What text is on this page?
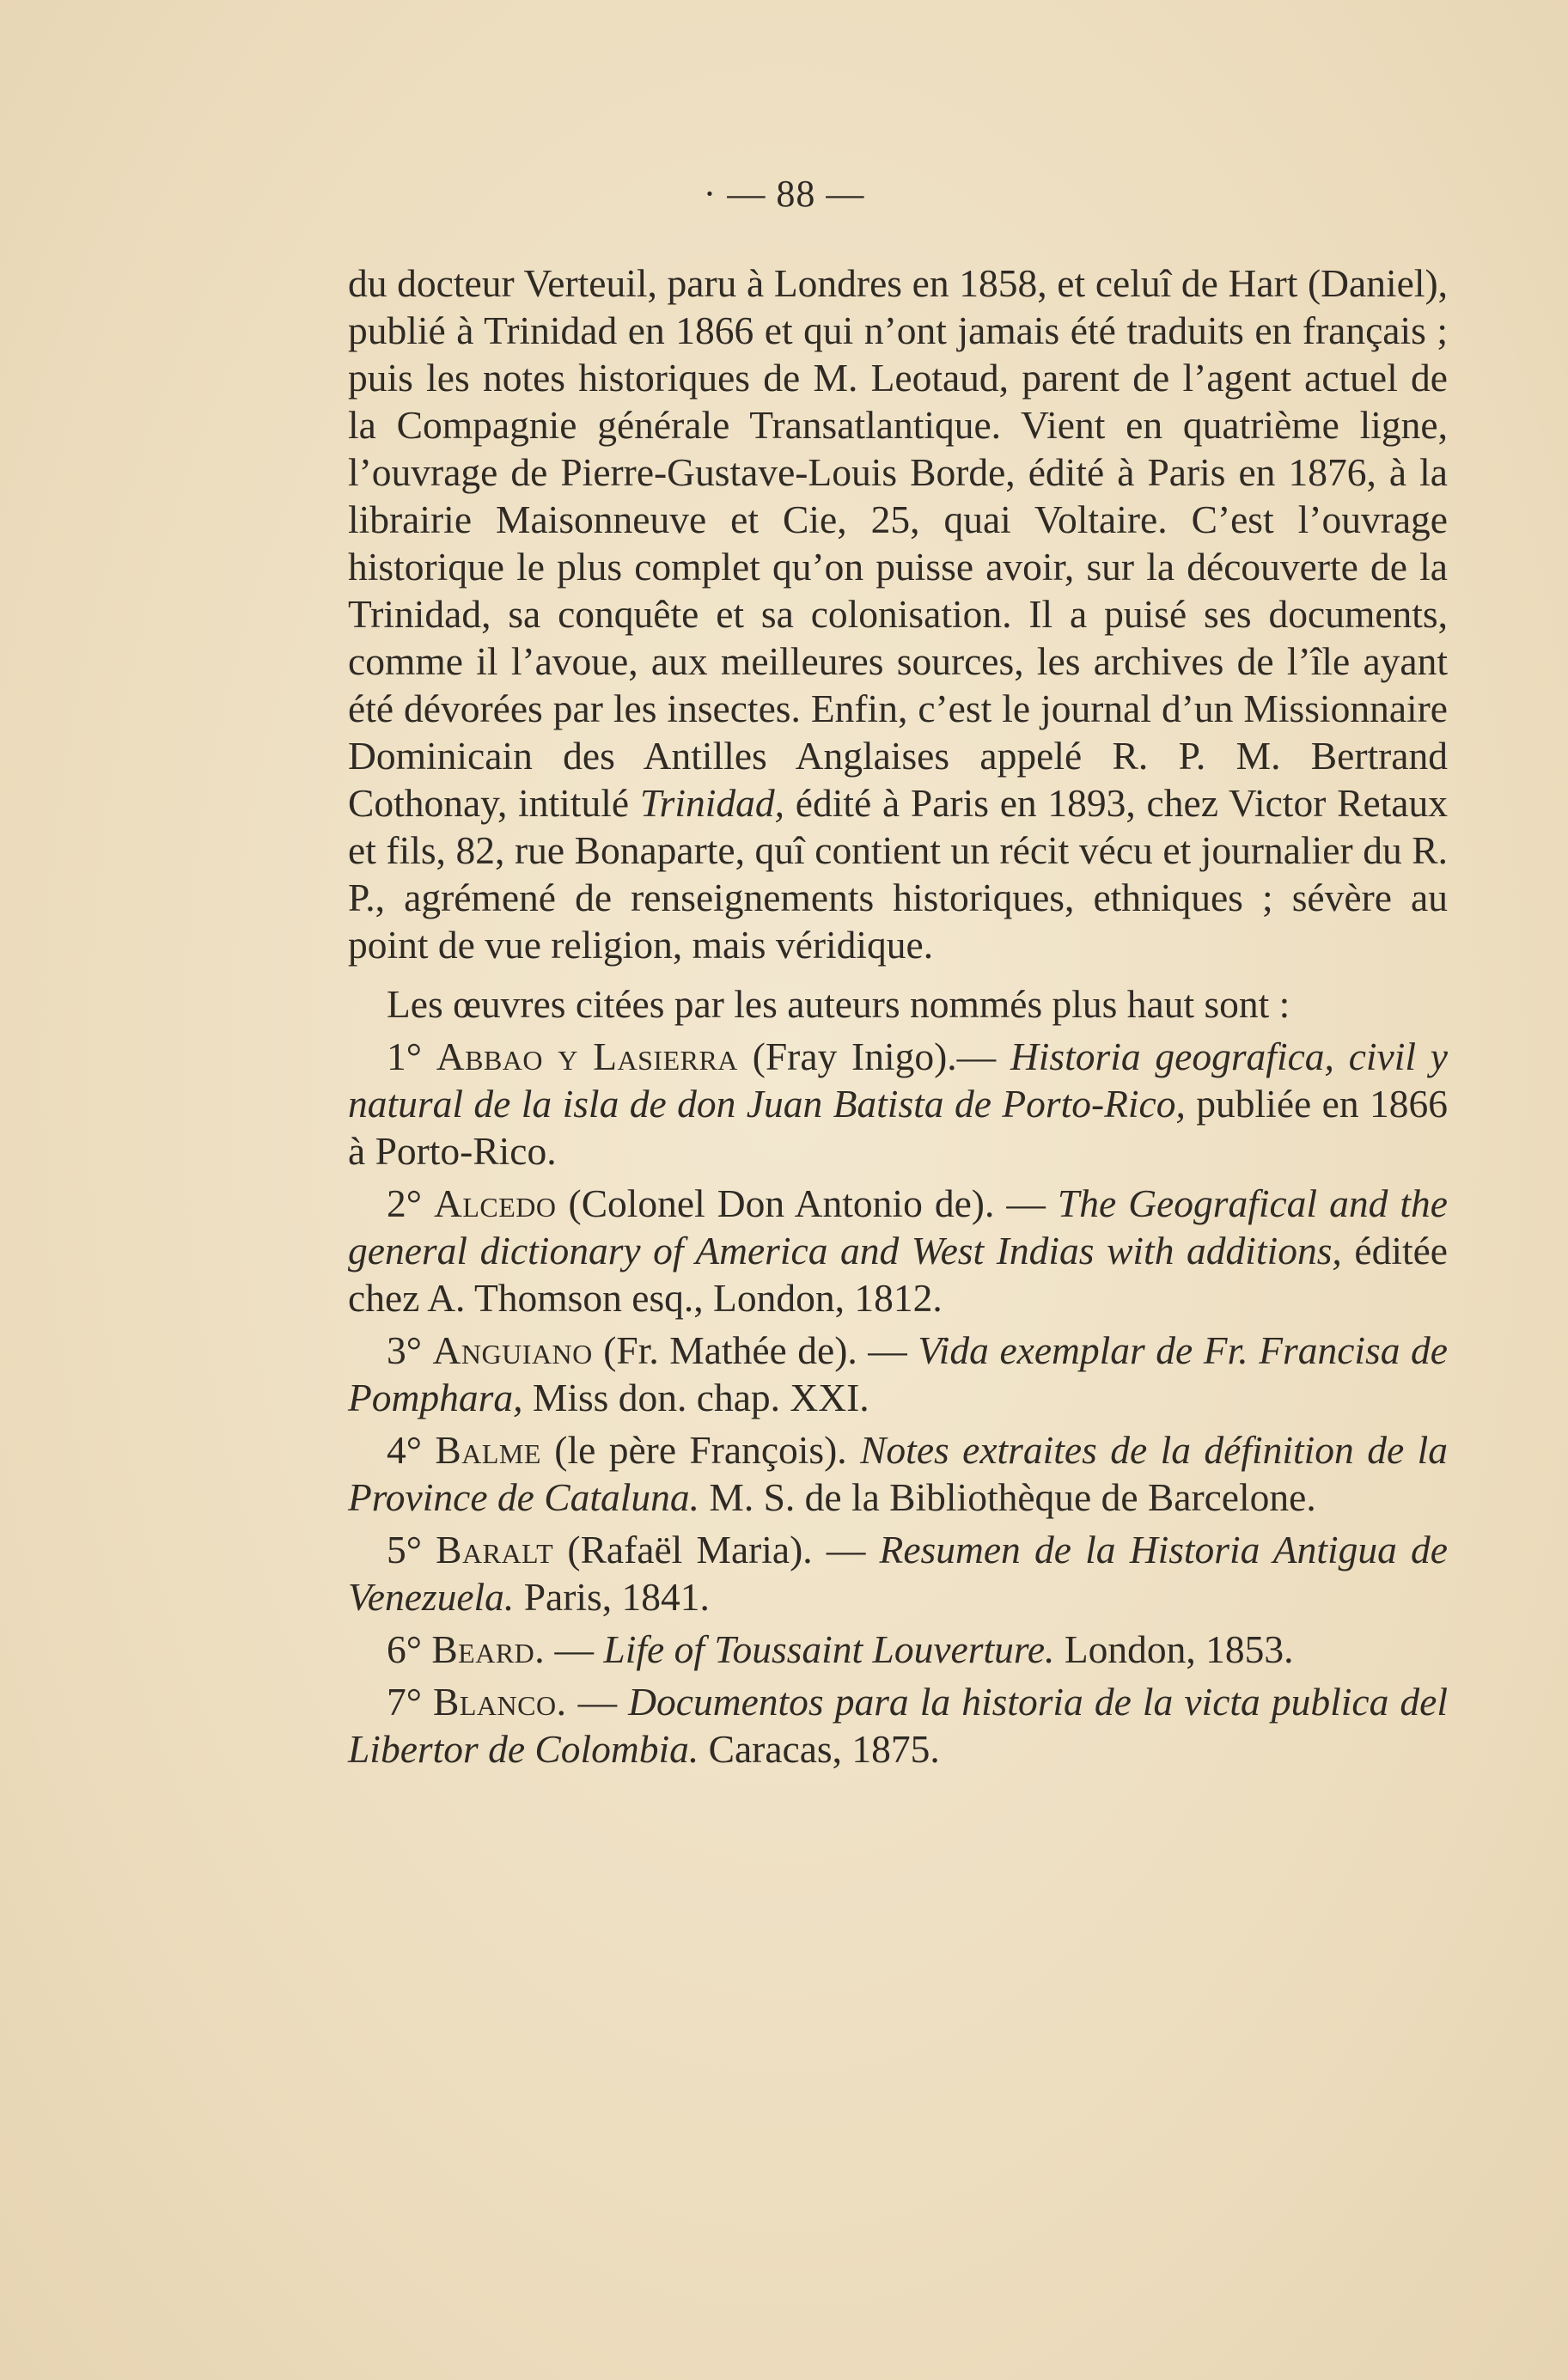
· — 88 —

du docteur Verteuil, paru à Londres en 1858, et celuî de Hart (Daniel), publié à Trinidad en 1866 et qui n’ont jamais été traduits en français ; puis les notes historiques de M. Leotaud, parent de l’agent actuel de la Compagnie générale Transatlantique. Vient en quatrième ligne, l’ouvrage de Pierre-Gustave-Louis Borde, édité à Paris en 1876, à la librairie Maisonneuve et Cie, 25, quai Voltaire. C’est l’ouvrage historique le plus complet qu’on puisse avoir, sur la découverte de la Trinidad, sa conquête et sa colonisation. Il a puisé ses documents, comme il l’avoue, aux meilleures sources, les archives de l’île ayant été dévorées par les insectes. Enfin, c’est le journal d’un Missionnaire Dominicain des Antilles Anglaises appelé R. P. M. Bertrand Cothonay, intitulé Trinidad, édité à Paris en 1893, chez Victor Retaux et fils, 82, rue Bonaparte, quî contient un récit vécu et journalier du R. P., agrémené de renseignements historiques, ethniques ; sévère au point de vue religion, mais véridique.

Les œuvres citées par les auteurs nommés plus haut sont :

1° Abbao y Lasierra (Fray Inigo).— Historia geografica, civil y natural de la isla de don Juan Batista de Porto-Rico, publiée en 1866 à Porto-Rico.

2° Alcedo (Colonel Don Antonio de). — The Geografical and the general dictionary of America and West Indias with additions, éditée chez A. Thomson esq., London, 1812.

3° Anguiano (Fr. Mathée de). — Vida exemplar de Fr. Francisa de Pomphara, Miss don. chap. XXI.

4° Balme (le père François). Notes extraites de la définition de la Province de Cataluna. M. S. de la Bibliothèque de Barcelone.

5° Baralt (Rafaël Maria). — Resumen de la Historia Antigua de Venezuela. Paris, 1841.

6° Beard. — Life of Toussaint Louverture. London, 1853.

7° Blanco. — Documentos para la historia de la victa publica del Libertor de Colombia. Caracas, 1875.
